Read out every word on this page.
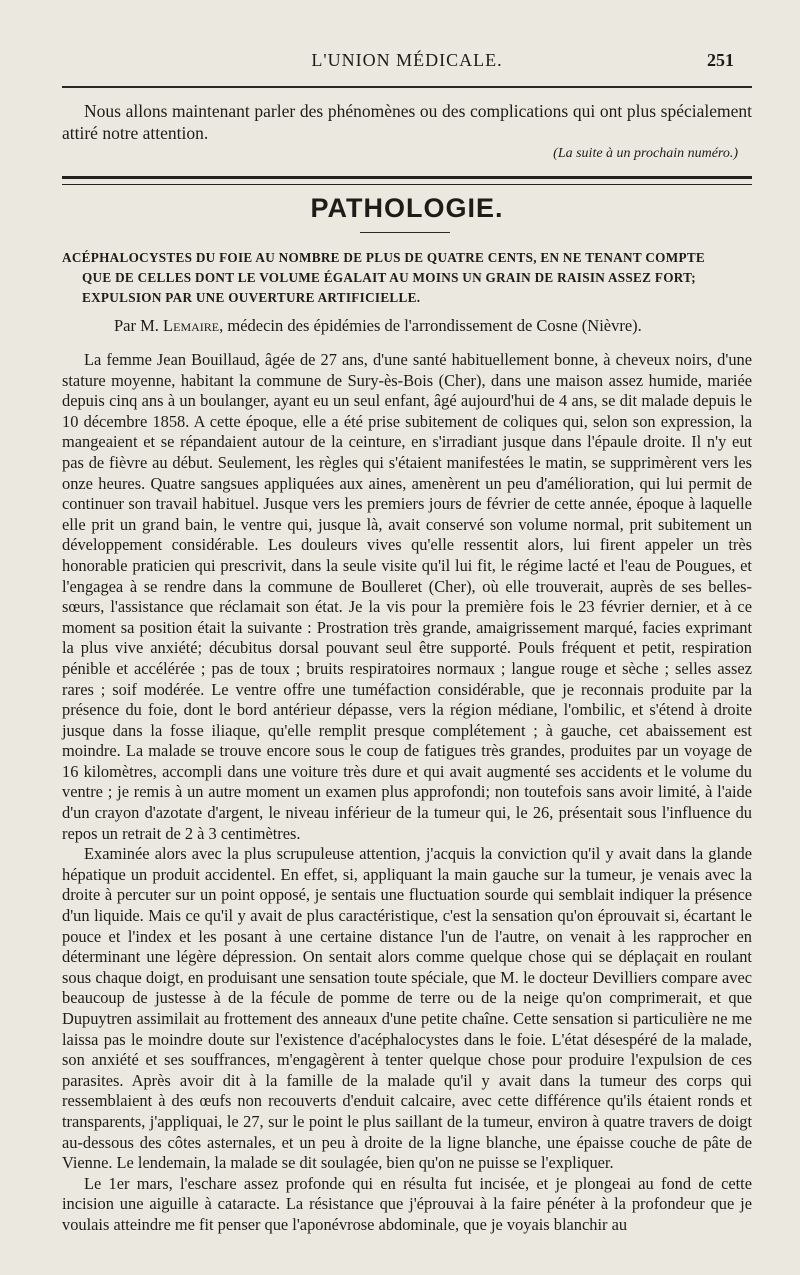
L'UNION MÉDICALE.	251
Nous allons maintenant parler des phénomènes ou des complications qui ont plus spécialement attiré notre attention.
(La suite à un prochain numéro.)
PATHOLOGIE.
ACÉPHALOCYSTES DU FOIE AU NOMBRE DE PLUS DE QUATRE CENTS, EN NE TENANT COMPTE
QUE DE CELLES DONT LE VOLUME ÉGALAIT AU MOINS UN GRAIN DE RAISIN ASSEZ FORT;
EXPULSION PAR UNE OUVERTURE ARTIFICIELLE.
Par M. Lemaire, médecin des épidémies de l'arrondissement de Cosne (Nièvre).

La femme Jean Bouillaud, âgée de 27 ans, d'une santé habituellement bonne, à cheveux noirs, d'une stature moyenne, habitant la commune de Sury-ès-Bois (Cher), dans une maison assez humide, mariée depuis cinq ans à un boulanger, ayant eu un seul enfant, âgé aujourd'hui de 4 ans, se dit malade depuis le 10 décembre 1858. A cette époque, elle a été prise subitement de coliques qui, selon son expression, la mangeaient et se répandaient autour de la ceinture, en s'irradiant jusque dans l'épaule droite. Il n'y eut pas de fièvre au début. Seulement, les règles qui s'étaient manifestées le matin, se supprimèrent vers les onze heures. Quatre sangsues appliquées aux aines, amenèrent un peu d'amélioration, qui lui permit de continuer son travail habituel. Jusque vers les premiers jours de février de cette année, époque à laquelle elle prit un grand bain, le ventre qui, jusque là, avait conservé son volume normal, prit subitement un développement considérable. Les douleurs vives qu'elle ressentit alors, lui firent appeler un très honorable praticien qui prescrivit, dans la seule visite qu'il lui fit, le régime lacté et l'eau de Pougues, et l'engagea à se rendre dans la commune de Boulleret (Cher), où elle trouverait, auprès de ses belles-sœurs, l'assistance que réclamait son état. Je la vis pour la première fois le 23 février dernier, et à ce moment sa position était la suivante : Prostration très grande, amaigrissement marqué, facies exprimant la plus vive anxiété; décubitus dorsal pouvant seul être supporté. Pouls fréquent et petit, respiration pénible et accélérée ; pas de toux ; bruits respiratoires normaux ; langue rouge et sèche ; selles assez rares ; soif modérée. Le ventre offre une tuméfaction considérable, que je reconnais produite par la présence du foie, dont le bord antérieur dépasse, vers la région médiane, l'ombilic, et s'étend à droite jusque dans la fosse iliaque, qu'elle remplit presque complétement ; à gauche, cet abaissement est moindre. La malade se trouve encore sous le coup de fatigues très grandes, produites par un voyage de 16 kilomètres, accompli dans une voiture très dure et qui avait augmenté ses accidents et le volume du ventre ; je remis à un autre moment un examen plus approfondi; non toutefois sans avoir limité, à l'aide d'un crayon d'azotate d'argent, le niveau inférieur de la tumeur qui, le 26, présentait sous l'influence du repos un retrait de 2 à 3 centimètres.

Examinée alors avec la plus scrupuleuse attention, j'acquis la conviction qu'il y avait dans la glande hépatique un produit accidentel. En effet, si, appliquant la main gauche sur la tumeur, je venais avec la droite à percuter sur un point opposé, je sentais une fluctuation sourde qui semblait indiquer la présence d'un liquide. Mais ce qu'il y avait de plus caractéristique, c'est la sensation qu'on éprouvait si, écartant le pouce et l'index et les posant à une certaine distance l'un de l'autre, on venait à les rapprocher en déterminant une légère dépression. On sentait alors comme quelque chose qui se déplaçait en roulant sous chaque doigt, en produisant une sensation toute spéciale, que M. le docteur Devilliers compare avec beaucoup de justesse à de la fécule de pomme de terre ou de la neige qu'on comprimerait, et que Dupuytren assimilait au frottement des anneaux d'une petite chaîne. Cette sensation si particulière ne me laissa pas le moindre doute sur l'existence d'acéphalocystes dans le foie. L'état désespéré de la malade, son anxiété et ses souffrances, m'engagèrent à tenter quelque chose pour produire l'expulsion de ces parasites. Après avoir dit à la famille de la malade qu'il y avait dans la tumeur des corps qui ressemblaient à des œufs non recouverts d'enduit calcaire, avec cette différence qu'ils étaient ronds et transparents, j'appliquai, le 27, sur le point le plus saillant de la tumeur, environ à quatre travers de doigt au-dessous des côtes asternales, et un peu à droite de la ligne blanche, une épaisse couche de pâte de Vienne. Le lendemain, la malade se dit soulagée, bien qu'on ne puisse se l'expliquer.

Le 1er mars, l'eschare assez profonde qui en résulta fut incisée, et je plongeai au fond de cette incision une aiguille à cataracte. La résistance que j'éprouvai à la faire pénéter à la profondeur que je voulais atteindre me fit penser que l'aponévrose abdominale, que je voyais blanchir au
